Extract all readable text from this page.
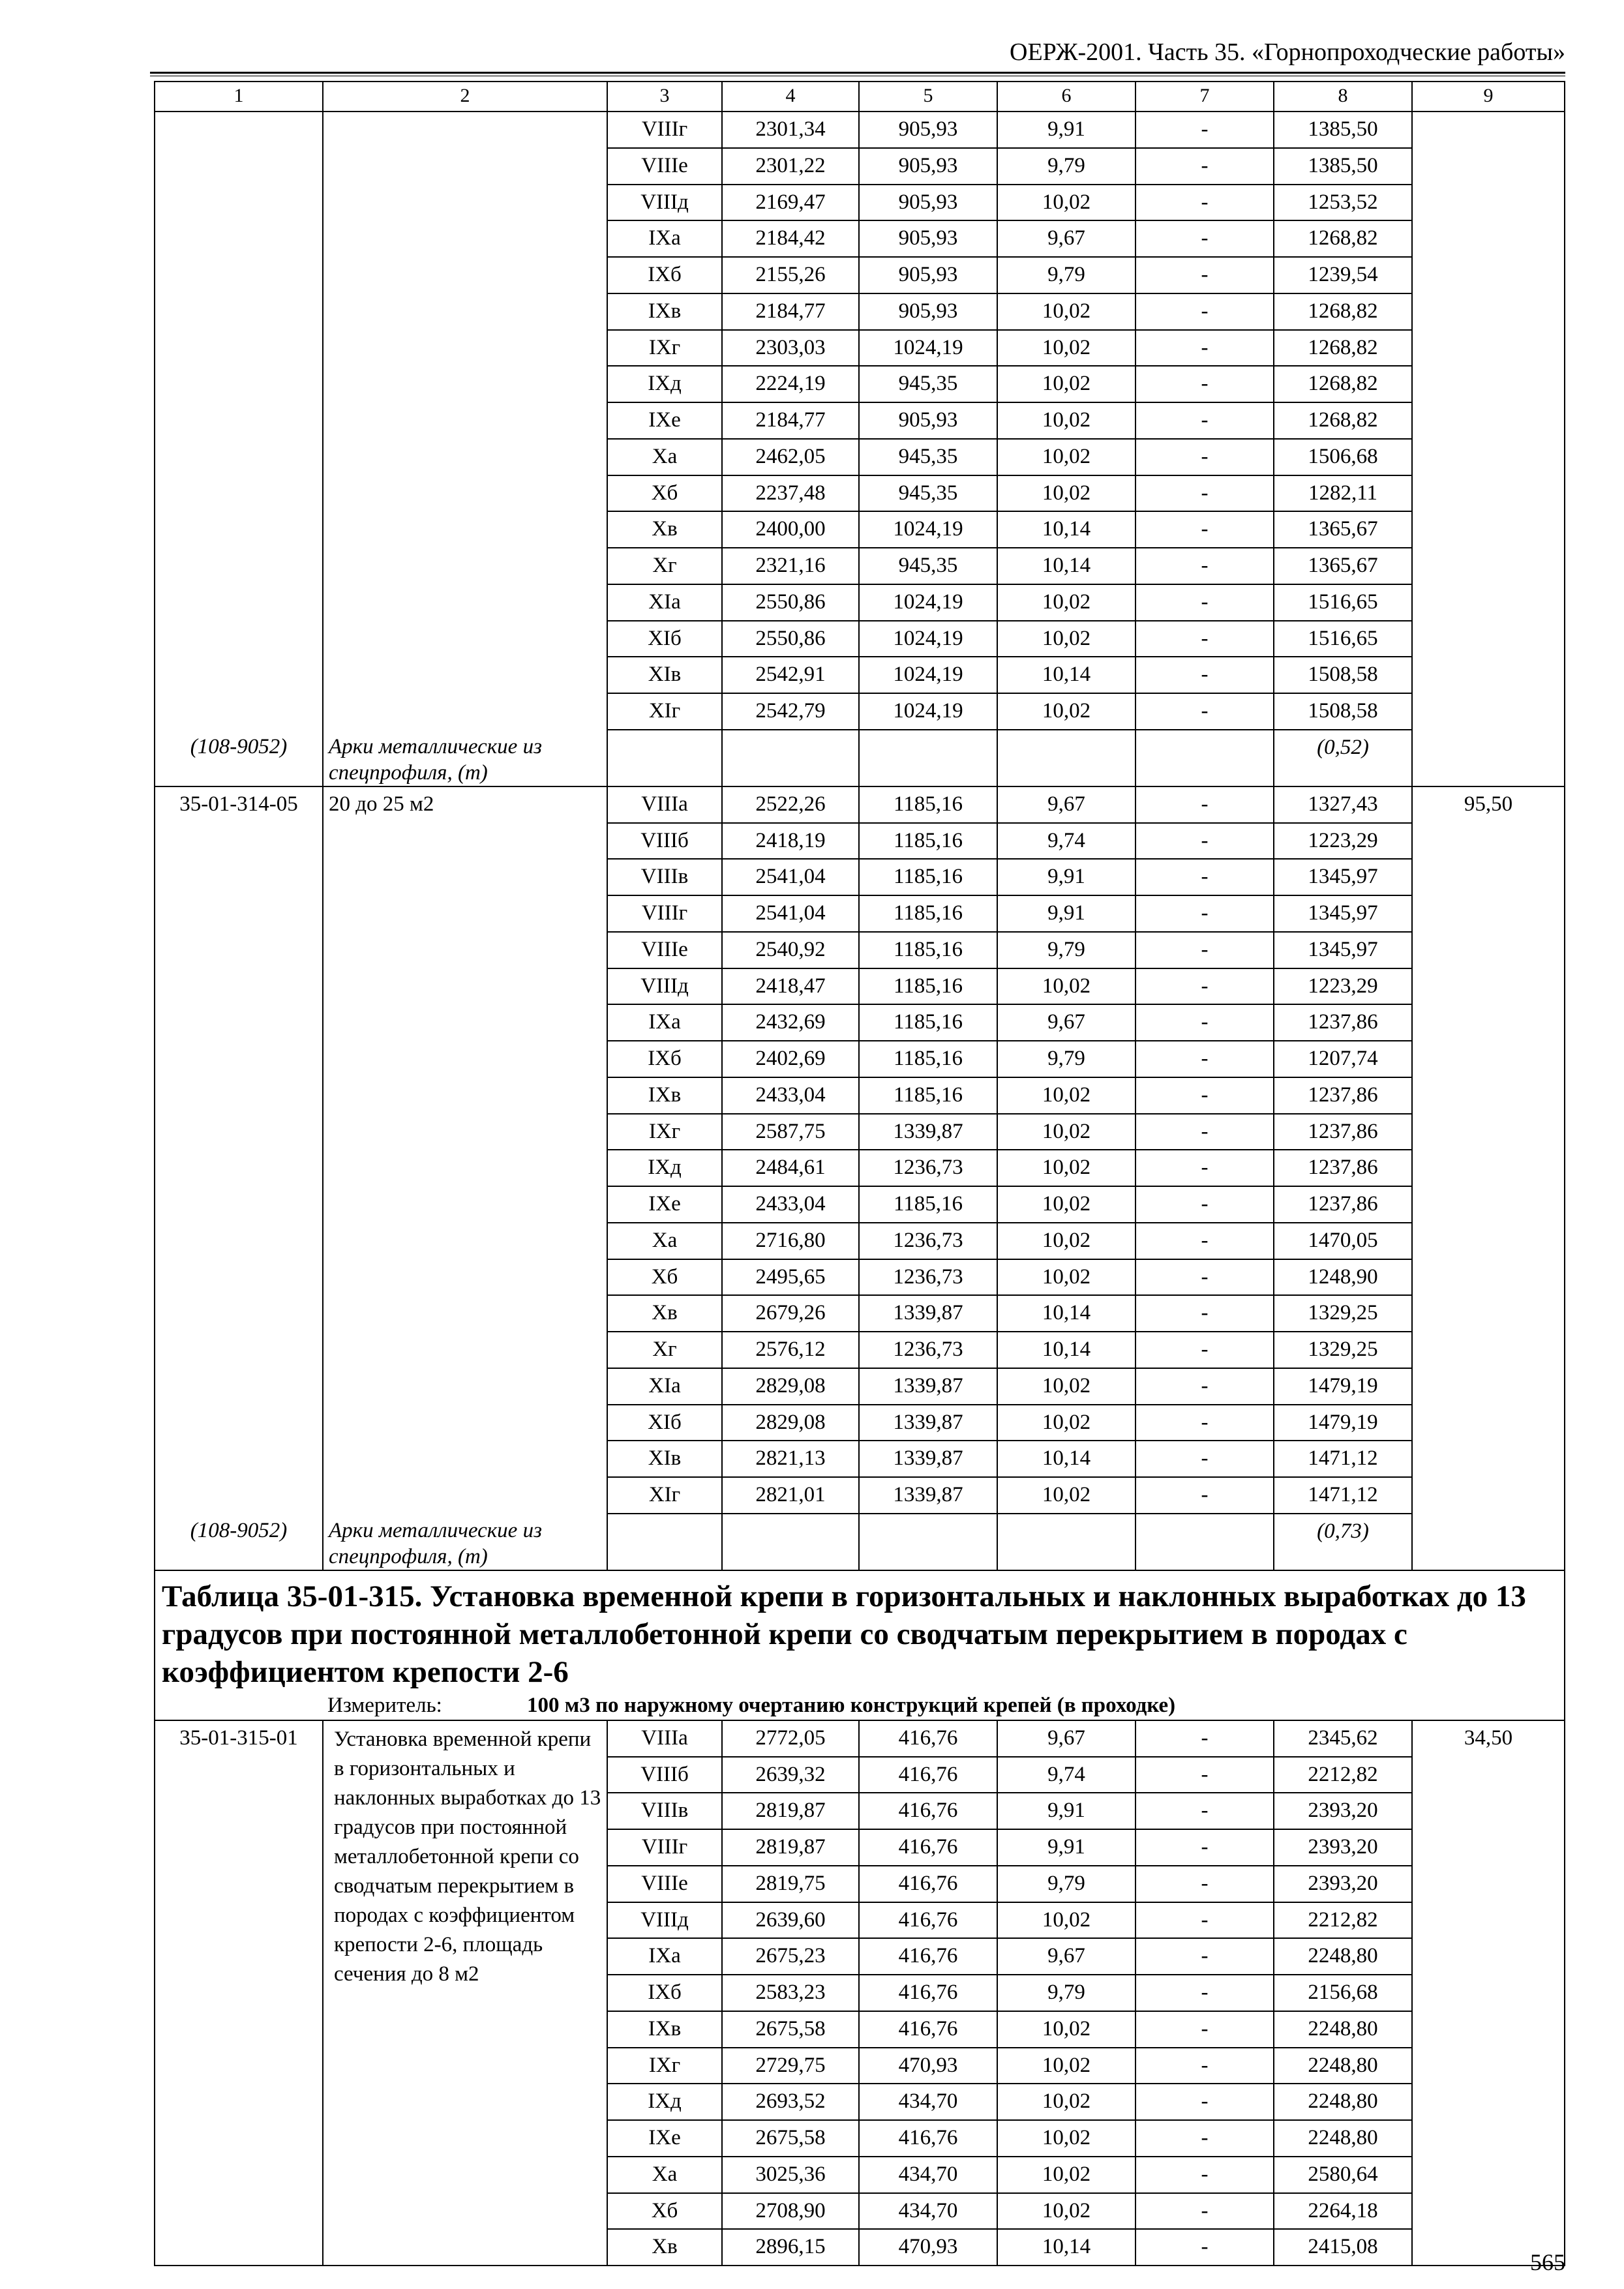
ОЕРЖ-2001. Часть 35. «Горнопроходческие работы»
1	2	3	4	5	6	7	8	9
		VIIIг	2301,34	905,93	9,91	-	1385,50	
		VIIIе	2301,22	905,93	9,79	-	1385,50	
		VIIIд	2169,47	905,93	10,02	-	1253,52	
		IXа	2184,42	905,93	9,67	-	1268,82	
		IXб	2155,26	905,93	9,79	-	1239,54	
		IXв	2184,77	905,93	10,02	-	1268,82	
		IXг	2303,03	1024,19	10,02	-	1268,82	
		IXд	2224,19	945,35	10,02	-	1268,82	
		IXе	2184,77	905,93	10,02	-	1268,82	
		Xа	2462,05	945,35	10,02	-	1506,68	
		Xб	2237,48	945,35	10,02	-	1282,11	
		Xв	2400,00	1024,19	10,14	-	1365,67	
		Xг	2321,16	945,35	10,14	-	1365,67	
		XIа	2550,86	1024,19	10,02	-	1516,65	
		XIб	2550,86	1024,19	10,02	-	1516,65	
		XIв	2542,91	1024,19	10,14	-	1508,58	
		XIг	2542,79	1024,19	10,02	-	1508,58	
(108-9052)	Арки металлические из спецпрофиля, (т)						(0,52)	
35-01-314-05	20 до 25 м2	VIIIа	2522,26	1185,16	9,67	-	1327,43	95,50
		VIIIб	2418,19	1185,16	9,74	-	1223,29	
		VIIIв	2541,04	1185,16	9,91	-	1345,97	
		VIIIг	2541,04	1185,16	9,91	-	1345,97	
		VIIIе	2540,92	1185,16	9,79	-	1345,97	
		VIIIд	2418,47	1185,16	10,02	-	1223,29	
		IXа	2432,69	1185,16	9,67	-	1237,86	
		IXб	2402,69	1185,16	9,79	-	1207,74	
		IXв	2433,04	1185,16	10,02	-	1237,86	
		IXг	2587,75	1339,87	10,02	-	1237,86	
		IXд	2484,61	1236,73	10,02	-	1237,86	
		IXе	2433,04	1185,16	10,02	-	1237,86	
		Xа	2716,80	1236,73	10,02	-	1470,05	
		Xб	2495,65	1236,73	10,02	-	1248,90	
		Xв	2679,26	1339,87	10,14	-	1329,25	
		Xг	2576,12	1236,73	10,14	-	1329,25	
		XIа	2829,08	1339,87	10,02	-	1479,19	
		XIб	2829,08	1339,87	10,02	-	1479,19	
		XIв	2821,13	1339,87	10,14	-	1471,12	
		XIг	2821,01	1339,87	10,02	-	1471,12	
(108-9052)	Арки металлические из спецпрофиля, (т)						(0,73)	

Таблица 35-01-315. Установка временной крепи в горизонтальных и наклонных выработках до 13 градусов при постоянной металлобетонной крепи со сводчатым перекрытием в породах с коэффициентом крепости 2-6
Измеритель: 100 м3 по наружному очертанию конструкций крепей (в проходке)								

35-01-315-01	Установка временной крепи в горизонтальных и наклонных выработках до 13 градусов при постоянной металлобетонной крепи со сводчатым перекрытием в породах с коэффициентом крепости 2-6, площадь сечения до 8 м2	VIIIа	2772,05	416,76	9,67	-	2345,62	34,50
		VIIIб	2639,32	416,76	9,74	-	2212,82	
		VIIIв	2819,87	416,76	9,91	-	2393,20	
		VIIIг	2819,87	416,76	9,91	-	2393,20	
		VIIIе	2819,75	416,76	9,79	-	2393,20	
		VIIIд	2639,60	416,76	10,02	-	2212,82	
		IXа	2675,23	416,76	9,67	-	2248,80	
		IXб	2583,23	416,76	9,79	-	2156,68	
		IXв	2675,58	416,76	10,02	-	2248,80	
		IXг	2729,75	470,93	10,02	-	2248,80	
		IXд	2693,52	434,70	10,02	-	2248,80	
		IXе	2675,58	416,76	10,02	-	2248,80	
		Xа	3025,36	434,70	10,02	-	2580,64	
		Xб	2708,90	434,70	10,02	-	2264,18	
		Xв	2896,15	470,93	10,14	-	2415,08	
565
